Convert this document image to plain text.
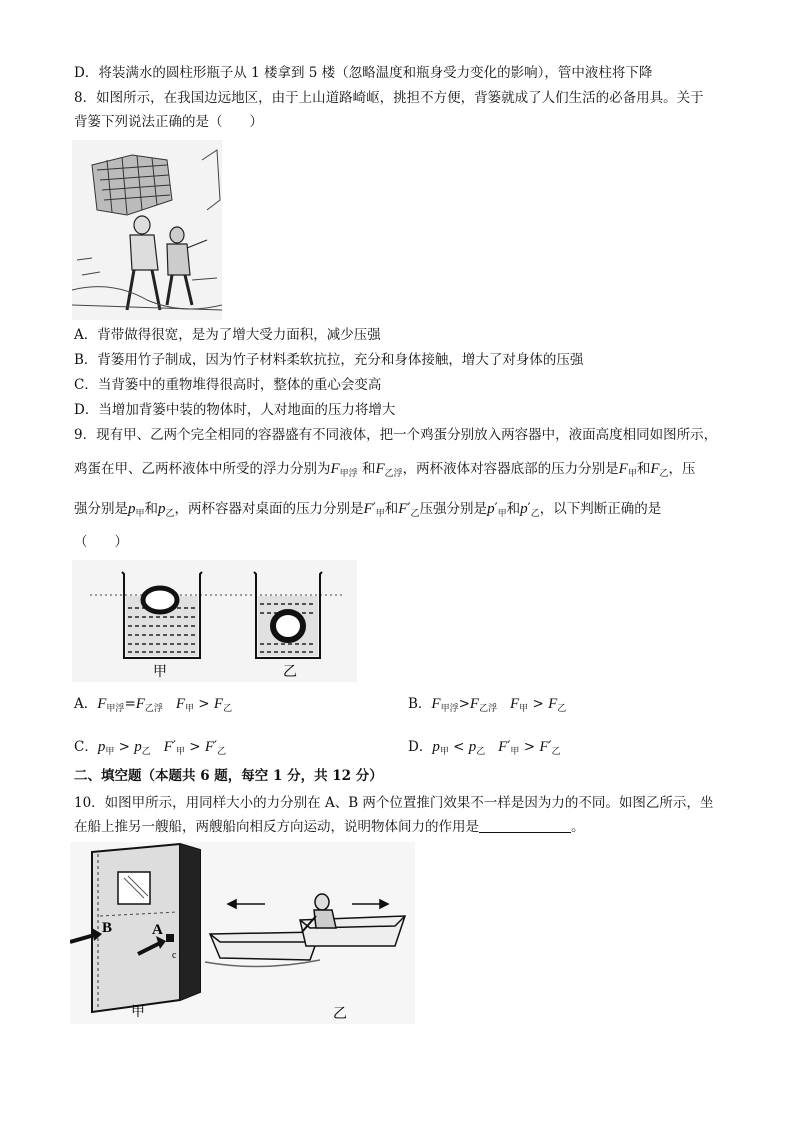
D．将装满水的圆柱形瓶子从 1 楼拿到 5 楼（忽略温度和瓶身受力变化的影响），管中液柱将下降
8．如图所示，在我国边远地区，由于上山道路崎岖，挑担不方便，背篓就成了人们生活的必备用具。关于
背篓下列说法正确的是（　　）
A．背带做得很宽，是为了增大受力面积，减少压强
B．背篓用竹子制成，因为竹子材料柔软抗拉，充分和身体接触，增大了对身体的压强
C．当背篓中的重物堆得很高时，整体的重心会变高
D．当增加背篓中装的物体时，人对地面的压力将增大
9．现有甲、乙两个完全相同的容器盛有不同液体，把一个鸡蛋分别放入两容器中，液面高度相同如图所示，
鸡蛋在甲、乙两杯液体中所受的浮力分别为$F_{甲浮}$ 和$F_{乙浮}$，两杯液体对容器底部的压力分别是$F_甲$和$F_乙$，压
强分别是$p_甲$和$p_乙$，两杯容器对桌面的压力分别是$F'_甲$和$F'_乙$压强分别是$p'_甲$和$p'_乙$，以下判断正确的是
（　　）
甲	乙
A．$F_{甲浮}=F_{乙浮}$ $F_甲 > F_乙$	B．$F_{甲浮}>F_{乙浮}$ $F_甲 > F_乙$
C．$p_甲 > p_乙$ $F'_甲 > F'_乙$	D．$p_甲 < p_乙$ $F'_甲 > F'_乙$
二、填空题（本题共 6 题，每空 1 分，共 12 分）
10．如图甲所示，用同样大小的力分别在 A、B 两个位置推门效果不一样是因为力的不同。如图乙所示，坐
在船上推另一艘船，两艘船向相反方向运动，说明物体间力的作用是	。
B	A
c
甲	乙
